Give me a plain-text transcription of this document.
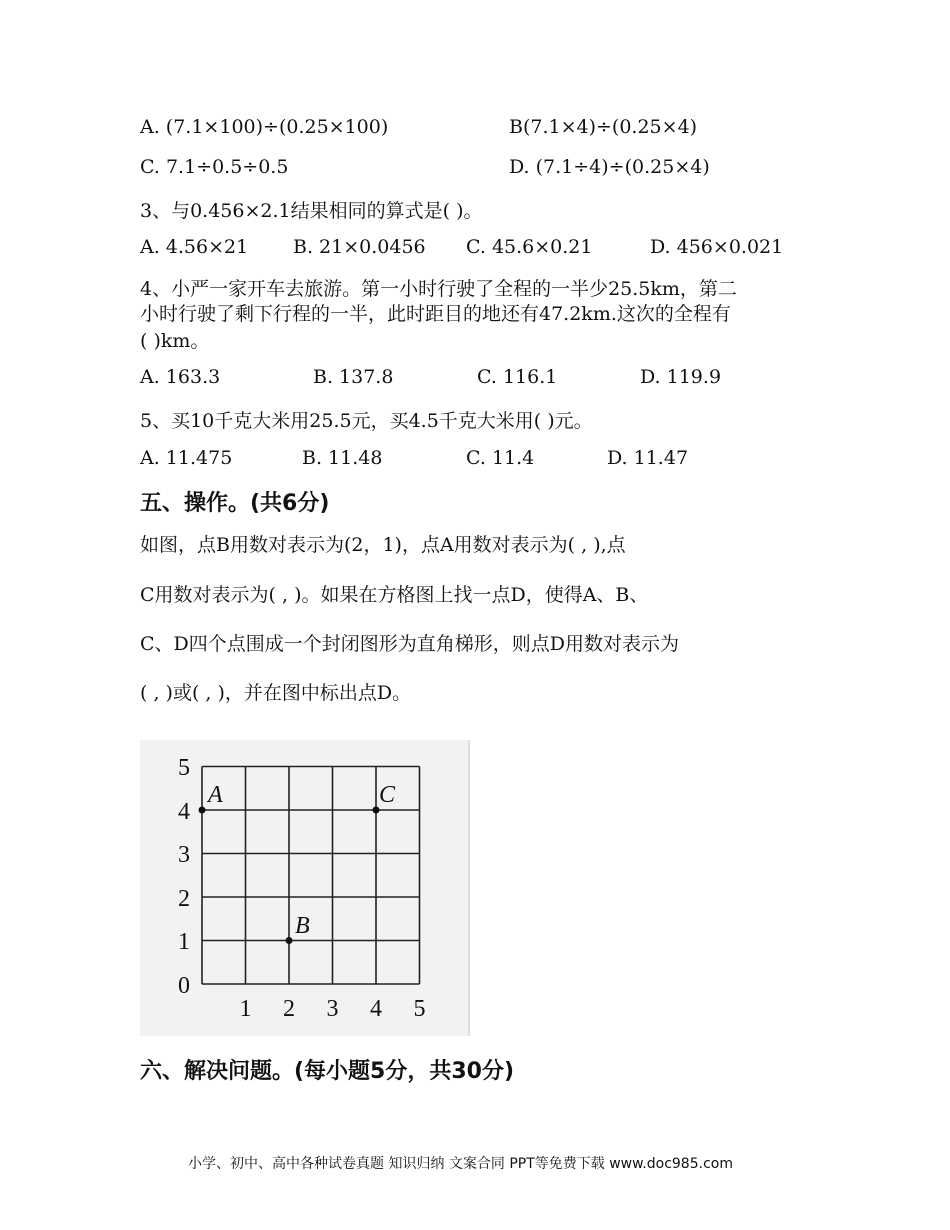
A. (7.1×100)÷(0.25×100)	B(7.1×4)÷(0.25×4)
C. 7.1÷0.5÷0.5	D. (7.1÷4)÷(0.25×4)
3、与0.456×2.1结果相同的算式是( )。
A. 4.56×21 B. 21×0.0456 C. 45.6×0.21	D. 456×0.021
4、小严一家开车去旅游。第一小时行驶了全程的一半少25.5km，第二
小时行驶了剩下行程的一半，此时距目的地还有47.2km.这次的全程有
( )km。
A. 163.3	B. 137.8	C. 116.1	D. 119.9
5、买10千克大米用25.5元，买4.5千克大米用( )元。
A. 11.475	B. 11.48	C. 11.4	D. 11.47
五、操作。(共6分)
如图，点B用数对表示为(2，1)，点A用数对表示为( , ),点
C用数对表示为( , )。如果在方格图上找一点D，使得A、B、
C、D四个点围成一个封闭图形为直角梯形，则点D用数对表示为
( , )或( , )，并在图中标出点D。
0
1
2
3
4
5
1 2 3 4 5
A
B
C
六、解决问题。(每小题5分，共30分)
小学、初中、高中各种试卷真题 知识归纳 文案合同 PPT等免费下载 www.doc985.com
